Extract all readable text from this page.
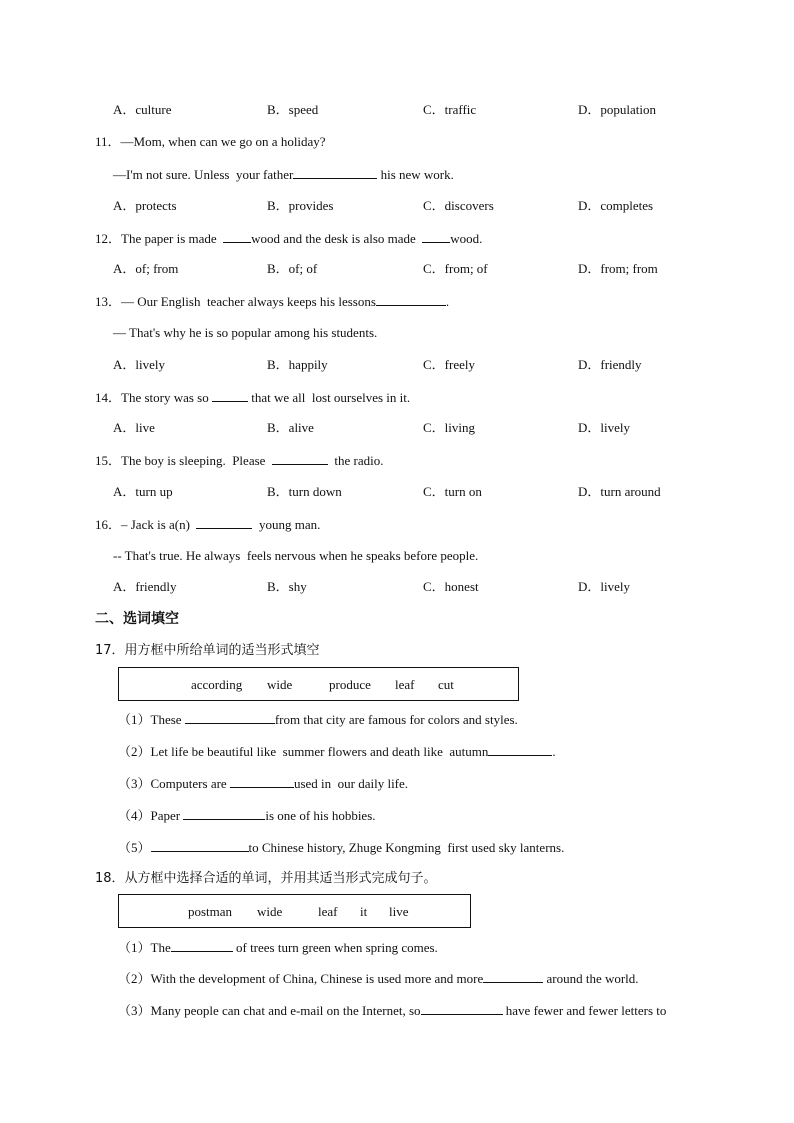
A．culture	B．speed	C．traffic	D．population
11．—Mom, when can we go on a holiday?
—I'm not sure. Unless  your father	his new work.
A．protects	B．provides	C．discovers	D．completes
12．The paper is made  wood and the desk is also made  wood.
A．of; from	B．of; of	C．from; of	D．from; from
13．— Our English  teacher always keeps his lessons	.
— That's why he is so popular among his students.
A．lively	B．happily	C．freely	D．friendly
14．The story was so	that we all  lost ourselves in it.
A．live	B．alive	C．living	D．lively
15．The boy is sleeping.  Please	the radio.
A．turn up	B．turn down	C．turn on	D．turn around
16．– Jack is a(n)	young man.
-- That's true. He always  feels nervous when he speaks before people.
A．friendly	B．shy	C．honest	D．lively
二、选词填空
17．用方框中所给单词的适当形式填空
according wide	produce leaf cut
（1）These	from that city are famous for colors and styles.
（2）Let life be beautiful like  summer flowers and death like  autumn	.
（3）Computers are	used in  our daily life.
（4）Paper	is one of his hobbies.
（5）	to Chinese history, Zhuge Kongming  first used sky lanterns.
18．从方框中选择合适的单词，并用其适当形式完成句子。
postman wide	leaf it live
（1）The	of trees turn green when spring comes.
（2）With the development of China, Chinese is used more and more	around the world.
（3）Many people can chat and e-mail on the Internet, so	have fewer and fewer letters to
